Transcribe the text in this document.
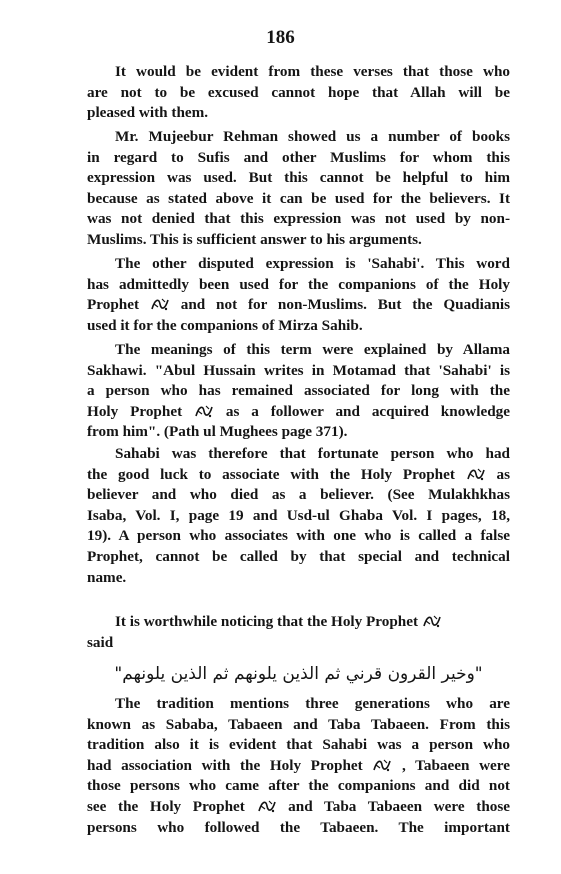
186
It would be evident from these verses that those who
are not to be excused cannot hope that Allah will be
pleased with them.
Mr. Mujeebur Rehman showed us a number of books
in regard to Sufis and other Muslims for whom this
expression was used. But this cannot be helpful to him
because as stated above it can be used for the believers. It
was not denied that this expression was not used by non-
Muslims. This is sufficient answer to his arguments.
The other disputed expression is 'Sahabi'. This word
has admittedly been used for the companions of the Holy
Prophet	and not for non-Muslims. But the Quadianis
used it for the companions of Mirza Sahib.
The meanings of this term were explained by Allama
Sakhawi. "Abul Hussain writes in Motamad that 'Sahabi' is
a person who has remained associated for long with the
Holy Prophet	as a follower and acquired knowledge
from him". (Path ul Mughees page 371).
Sahabi was therefore that fortunate person who had
the good luck to associate with the Holy Prophet	as
believer and who died as a believer. (See Mulakhkhas
Isaba, Vol. I, page 19 and Usd-ul Ghaba Vol. I pages, 18,
19). A person who associates with one who is called a false
Prophet, cannot be called by that special and technical
name.
It is worthwhile noticing that the Holy Prophet
said
"وخير القرون قرني ثم الذين يلونهم ثم الذين يلونهم"
The tradition mentions three generations who are
known as Sababa, Tabaeen and Taba Tabaeen. From this
tradition also it is evident that Sahabi was a person who
had association with the Holy Prophet	, Tabaeen were
those persons who came after the companions and did not
see the Holy Prophet	and Taba Tabaeen were those
persons who followed the Tabaeen. The important
